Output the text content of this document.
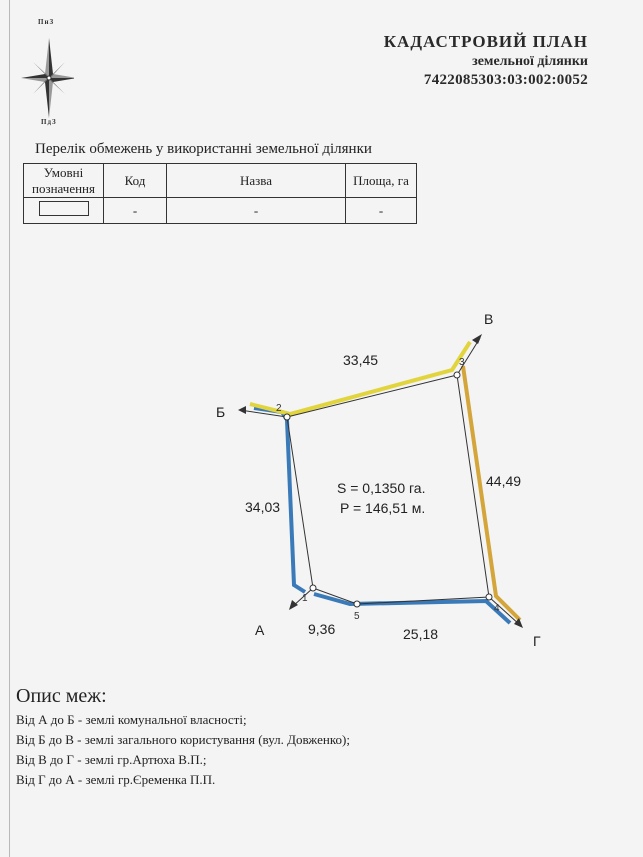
ПнЗ
ПдЗ
КАДАСТРОВИЙ ПЛАН
земельної ділянки
7422085303:03:002:0052
Перелік обмежень у використанні земельної ділянки
Умовні позначення	Код	Назва	Площа, га
	-	-	-
1
2
3
4
5
Б
В
Г
А
33,45
34,03
44,49
9,36	25,18
S = 0,1350 га.
P = 146,51 м.
Опис меж:
Від А до Б - землі комунальної власності;
Від Б до В - землі загального користування (вул. Довженко);
Від В до Г - землі гр.Артюха В.П.;
Від Г до А - землі гр.Єременка П.П.
